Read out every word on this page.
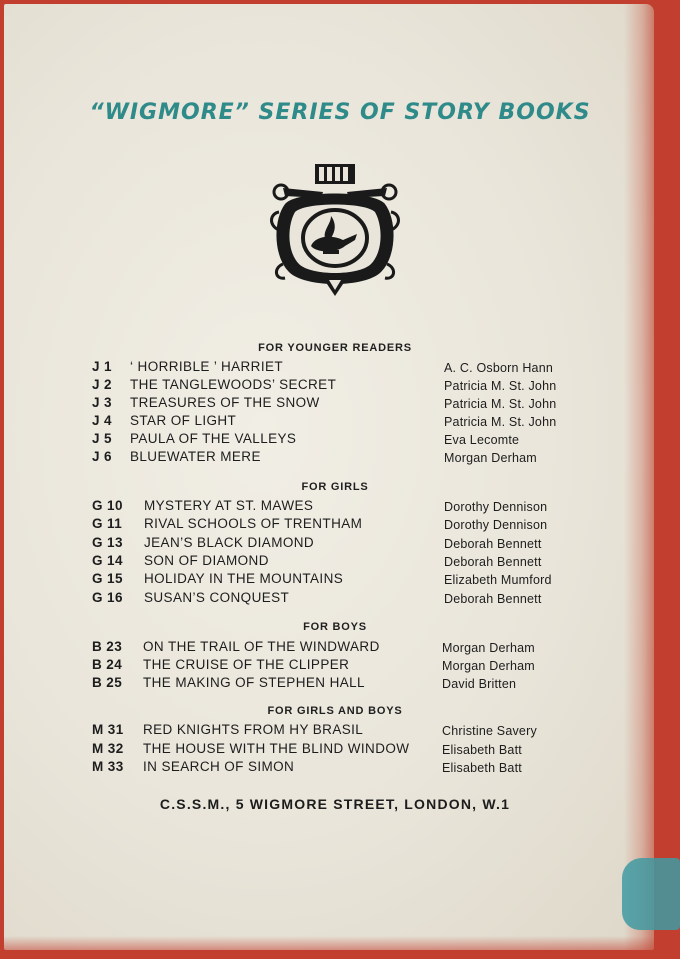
“WIGMORE” SERIES OF STORY BOOKS
FOR YOUNGER READERS
J 1 ‘ HORRIBLE ’ HARRIET	A. C. Osborn Hann
J 2 THE TANGLEWOODS’ SECRET	Patricia M. St. John
J 3 TREASURES OF THE SNOW	Patricia M. St. John
J 4 STAR OF LIGHT	Patricia M. St. John
J 5 PAULA OF THE VALLEYS	Eva Lecomte
J 6 BLUEWATER MERE	Morgan Derham
FOR GIRLS
G 10 MYSTERY AT ST. MAWES	Dorothy Dennison
G 11 RIVAL SCHOOLS OF TRENTHAM	Dorothy Dennison
G 13 JEAN’S BLACK DIAMOND	Deborah Bennett
G 14 SON OF DIAMOND	Deborah Bennett
G 15 HOLIDAY IN THE MOUNTAINS	Elizabeth Mumford
G 16 SUSAN’S CONQUEST	Deborah Bennett
FOR BOYS
B 23 ON THE TRAIL OF THE WINDWARD	Morgan Derham
B 24 THE CRUISE OF THE CLIPPER	Morgan Derham
B 25 THE MAKING OF STEPHEN HALL	David Britten
FOR GIRLS AND BOYS
M 31 RED KNIGHTS FROM HY BRASIL	Christine Savery
M 32 THE HOUSE WITH THE BLIND WINDOW	Elisabeth Batt
M 33 IN SEARCH OF SIMON	Elisabeth Batt
C.S.S.M., 5 WIGMORE STREET, LONDON, W.1
